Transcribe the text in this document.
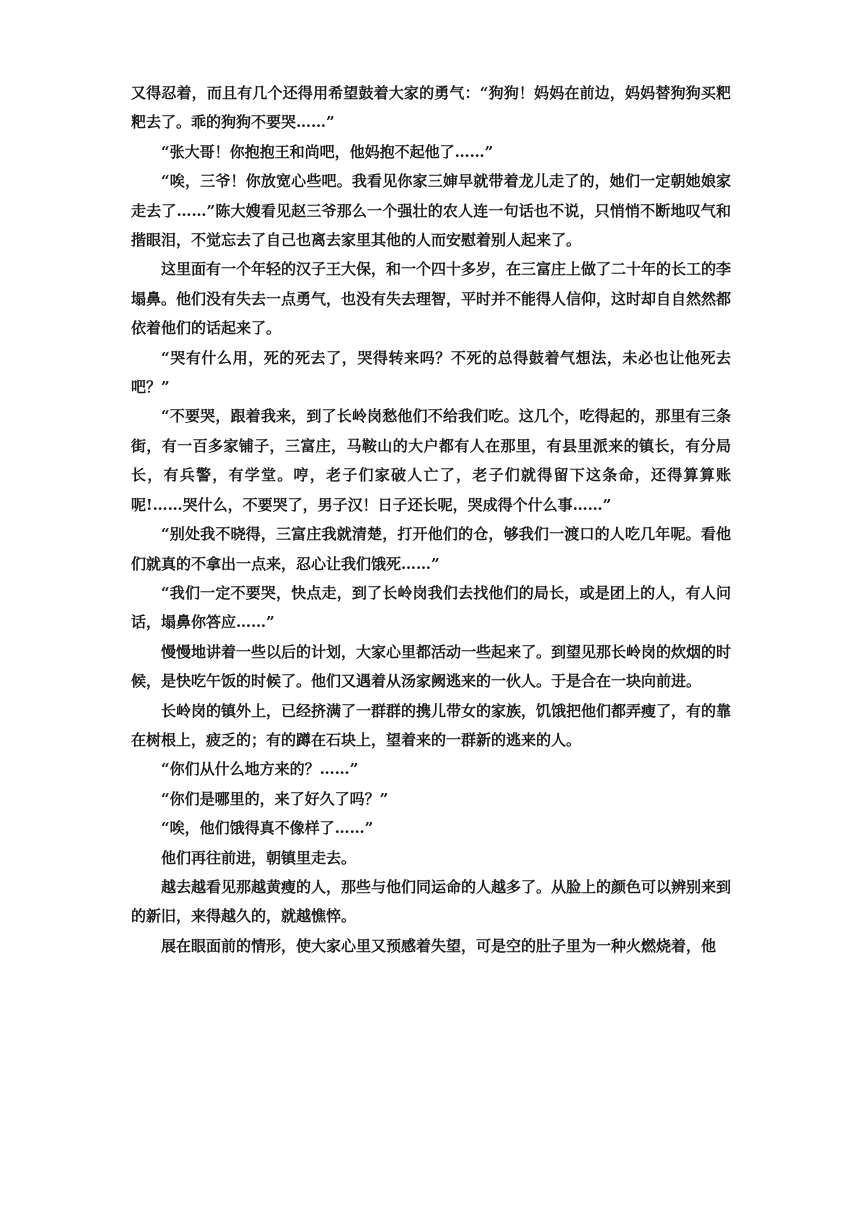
又得忍着，而且有几个还得用希望鼓着大家的勇气：“狗狗！妈妈在前边，妈妈替狗狗买粑粑去了。乖的狗狗不要哭……”

“张大哥！你抱抱王和尚吧，他妈抱不起他了……”

“唉，三爷！你放宽心些吧。我看见你家三婶早就带着龙儿走了的，她们一定朝她娘家走去了……”陈大嫂看见赵三爷那么一个强壮的农人连一句话也不说，只悄悄不断地叹气和揩眼泪，不觉忘去了自己也离去家里其他的人而安慰着别人起来了。

这里面有一个年轻的汉子王大保，和一个四十多岁，在三富庄上做了二十年的长工的李塌鼻。他们没有失去一点勇气，也没有失去理智，平时并不能得人信仰，这时却自自然然都依着他们的话起来了。

“哭有什么用，死的死去了，哭得转来吗？不死的总得鼓着气想法，未必也让他死去吧？”

“不要哭，跟着我来，到了长岭岗愁他们不给我们吃。这几个，吃得起的，那里有三条街，有一百多家铺子，三富庄，马鞍山的大户都有人在那里，有县里派来的镇长，有分局长，有兵警，有学堂。哼，老子们家破人亡了，老子们就得留下这条命，还得算算账呢!……哭什么，不要哭了，男子汉！日子还长呢，哭成得个什么事……”

“别处我不晓得，三富庄我就清楚，打开他们的仓，够我们一渡口的人吃几年呢。看他们就真的不拿出一点来，忍心让我们饿死……”

“我们一定不要哭，快点走，到了长岭岗我们去找他们的局长，或是团上的人，有人问话，塌鼻你答应……”

慢慢地讲着一些以后的计划，大家心里都活动一些起来了。到望见那长岭岗的炊烟的时候，是快吃午饭的时候了。他们又遇着从汤家阙逃来的一伙人。于是合在一块向前进。

长岭岗的镇外上，已经挤满了一群群的携儿带女的家族，饥饿把他们都弄瘦了，有的靠在树根上，疲乏的；有的蹲在石块上，望着来的一群新的逃来的人。

“你们从什么地方来的？……”

“你们是哪里的，来了好久了吗？”

“唉，他们饿得真不像样了……”

他们再往前进，朝镇里走去。

越去越看见那越黄瘦的人，那些与他们同运命的人越多了。从脸上的颜色可以辨别来到的新旧，来得越久的，就越憔悴。

展在眼面前的情形，使大家心里又预感着失望，可是空的肚子里为一种火燃烧着，他
